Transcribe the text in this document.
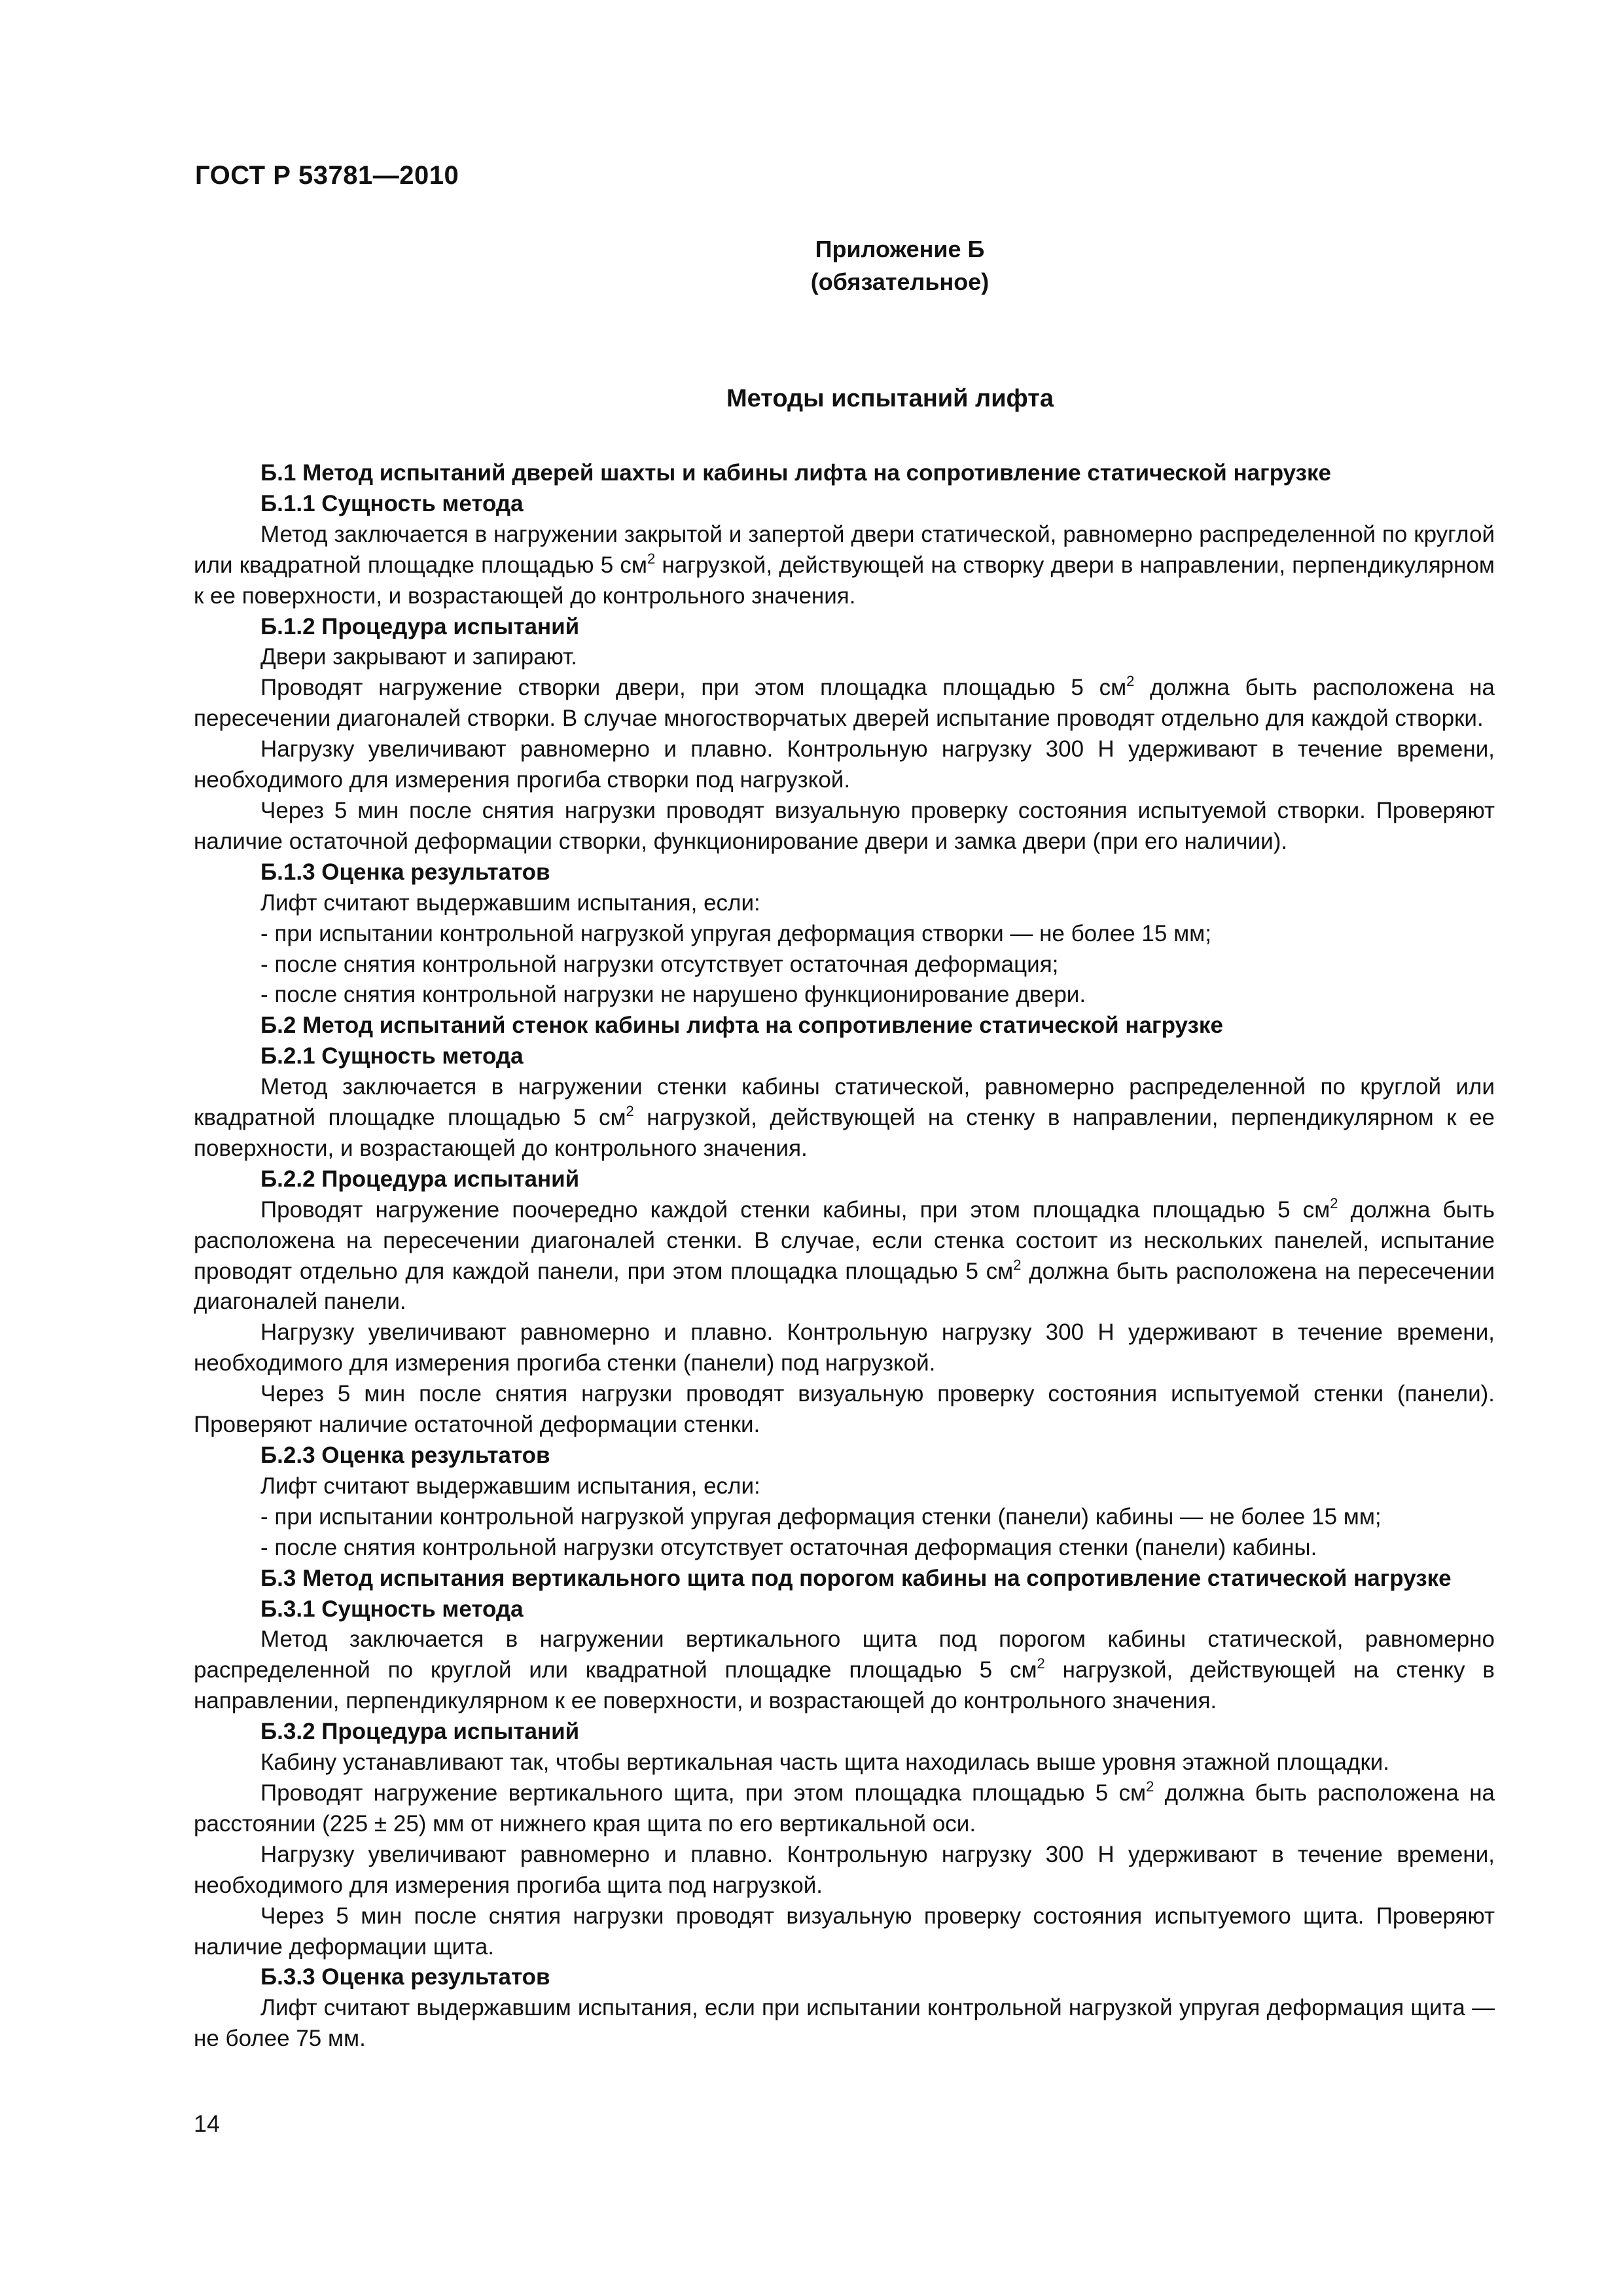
ГОСТ Р 53781—2010
Приложение Б
(обязательное)
Методы испытаний лифта

Б.1 Метод испытаний дверей шахты и кабины лифта на сопротивление статической нагрузке

Б.1.1 Сущность метода

Метод заключается в нагружении закрытой и запертой двери статической, равномерно распределенной по круглой или квадратной площадке площадью 5 $см^2$ нагрузкой, действующей на створку двери в направлении, перпендикулярном к ее поверхности, и возрастающей до контрольного значения.

Б.1.2 Процедура испытаний

Двери закрывают и запирают.

Проводят нагружение створки двери, при этом площадка площадью 5 $см^2$ должна быть расположена на пересечении диагоналей створки. В случае многостворчатых дверей испытание проводят отдельно для каждой створки.

Нагрузку увеличивают равномерно и плавно. Контрольную нагрузку 300 Н удерживают в течение времени, необходимого для измерения прогиба створки под нагрузкой.

Через 5 мин после снятия нагрузки проводят визуальную проверку состояния испытуемой створки. Проверяют наличие остаточной деформации створки, функционирование двери и замка двери (при его наличии).

Б.1.3 Оценка результатов

Лифт считают выдержавшим испытания, если:

- при испытании контрольной нагрузкой упругая деформация створки — не более 15 мм;

- после снятия контрольной нагрузки отсутствует остаточная деформация;

- после снятия контрольной нагрузки не нарушено функционирование двери.

Б.2 Метод испытаний стенок кабины лифта на сопротивление статической нагрузке

Б.2.1 Сущность метода

Метод заключается в нагружении стенки кабины статической, равномерно распределенной по круглой или квадратной площадке площадью 5 $см^2$ нагрузкой, действующей на стенку в направлении, перпендикулярном к ее поверхности, и возрастающей до контрольного значения.

Б.2.2 Процедура испытаний

Проводят нагружение поочередно каждой стенки кабины, при этом площадка площадью 5 $см^2$ должна быть расположена на пересечении диагоналей стенки. В случае, если стенка состоит из нескольких панелей, испытание проводят отдельно для каждой панели, при этом площадка площадью 5 $см^2$ должна быть расположена на пересечении диагоналей панели.

Нагрузку увеличивают равномерно и плавно. Контрольную нагрузку 300 Н удерживают в течение времени, необходимого для измерения прогиба стенки (панели) под нагрузкой.

Через 5 мин после снятия нагрузки проводят визуальную проверку состояния испытуемой стенки (панели). Проверяют наличие остаточной деформации стенки.

Б.2.3 Оценка результатов

Лифт считают выдержавшим испытания, если:

- при испытании контрольной нагрузкой упругая деформация стенки (панели) кабины — не более 15 мм;

- после снятия контрольной нагрузки отсутствует остаточная деформация стенки (панели) кабины.

Б.3 Метод испытания вертикального щита под порогом кабины на сопротивление статической нагрузке

Б.3.1 Сущность метода

Метод заключается в нагружении вертикального щита под порогом кабины статической, равномерно распределенной по круглой или квадратной площадке площадью 5 $см^2$ нагрузкой, действующей на стенку в направлении, перпендикулярном к ее поверхности, и возрастающей до контрольного значения.

Б.3.2 Процедура испытаний

Кабину устанавливают так, чтобы вертикальная часть щита находилась выше уровня этажной площадки.

Проводят нагружение вертикального щита, при этом площадка площадью 5 $см^2$ должна быть расположена на расстоянии (225 ± 25) мм от нижнего края щита по его вертикальной оси.

Нагрузку увеличивают равномерно и плавно. Контрольную нагрузку 300 Н удерживают в течение времени, необходимого для измерения прогиба щита под нагрузкой.

Через 5 мин после снятия нагрузки проводят визуальную проверку состояния испытуемого щита. Проверяют наличие деформации щита.

Б.3.3 Оценка результатов

Лифт считают выдержавшим испытания, если при испытании контрольной нагрузкой упругая деформация щита — не более 75 мм.

14
